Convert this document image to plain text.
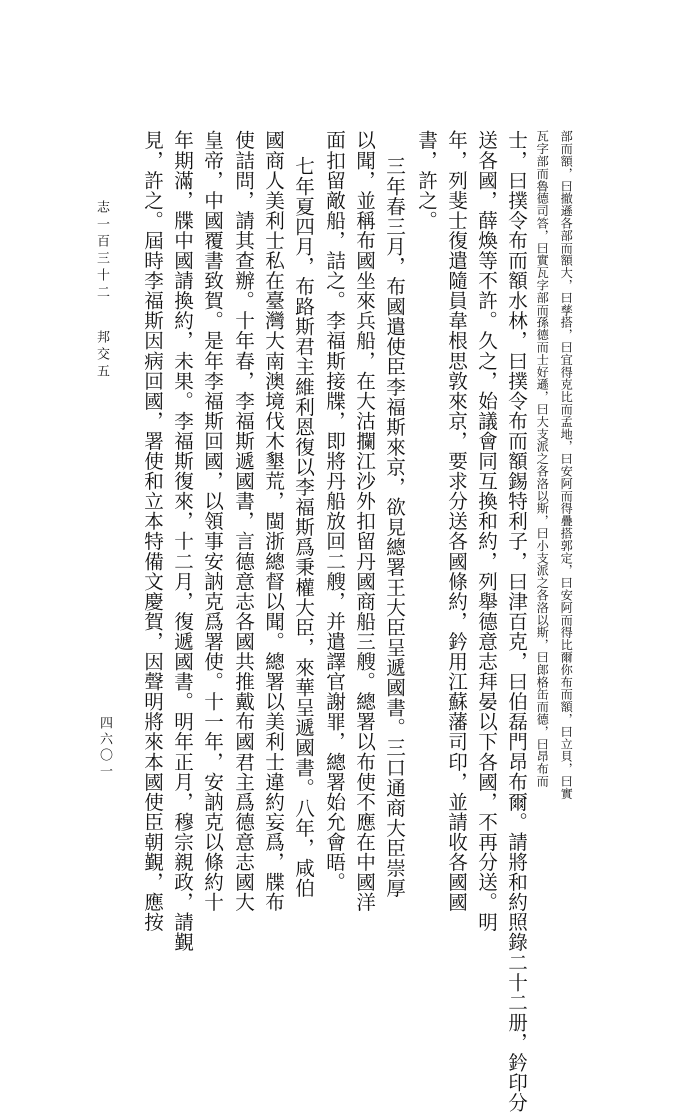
部而額，曰撤遜各部而額大，曰孳搭，曰宜得克比而孟地，曰安阿而得疊搭郭定，曰安阿而得比爾你布而額，曰立貝，曰實
瓦字部而魯德司答，曰實瓦字部而孫德而士好遜，曰大支派之各洛以斯，曰小支派之各洛以斯，曰郎格缶而德，曰昂布而
士，曰撲令布而額水林，曰撲令布而額錫特利子，曰津百克，曰伯磊門昂布爾。請將和約照錄二十二册，鈐印分
送各國，薛煥等不許。久之，始議會同互換和約，列舉德意志拜晏以下各國，不再分送。明
年，列斐士復遣隨員韋根思敦來京，要求分送各國條約，鈐用江蘇藩司印，並請收各國國
書，許之。
三年春三月，布國遣使臣李福斯來京，欲見總署王大臣呈遞國書。三口通商大臣崇厚
以聞，並稱布國坐來兵船，在大沽攔江沙外扣留丹國商船三艘。總署以布使不應在中國洋
面扣留敵船，詰之。李福斯接牒，即將丹船放回二艘，并遣譯官謝罪，總署始允會晤。
七年夏四月，布路斯君主維利恩復以李福斯爲秉權大臣，來華呈遞國書。八年，咸伯
國商人美利士私在臺灣大南澳境伐木墾荒，閩浙總督以聞。總署以美利士違約妄爲，牒布
使詰問，請其查辦。十年春，李福斯遞國書，言德意志各國共推戴布國君主爲德意志國大
皇帝，中國覆書致賀。是年李福斯回國，以領事安訥克爲署使。十一年，安訥克以條約十
年期滿，牒中國請換約，未果。李福斯復來，十二月，復遞國書。明年正月，穆宗親政，請覲
見，許之。屆時李福斯因病回國，署使和立本特備文慶賀，因聲明將來本國使臣朝覲，應按
志一百三十二
邦交五
四六〇一
